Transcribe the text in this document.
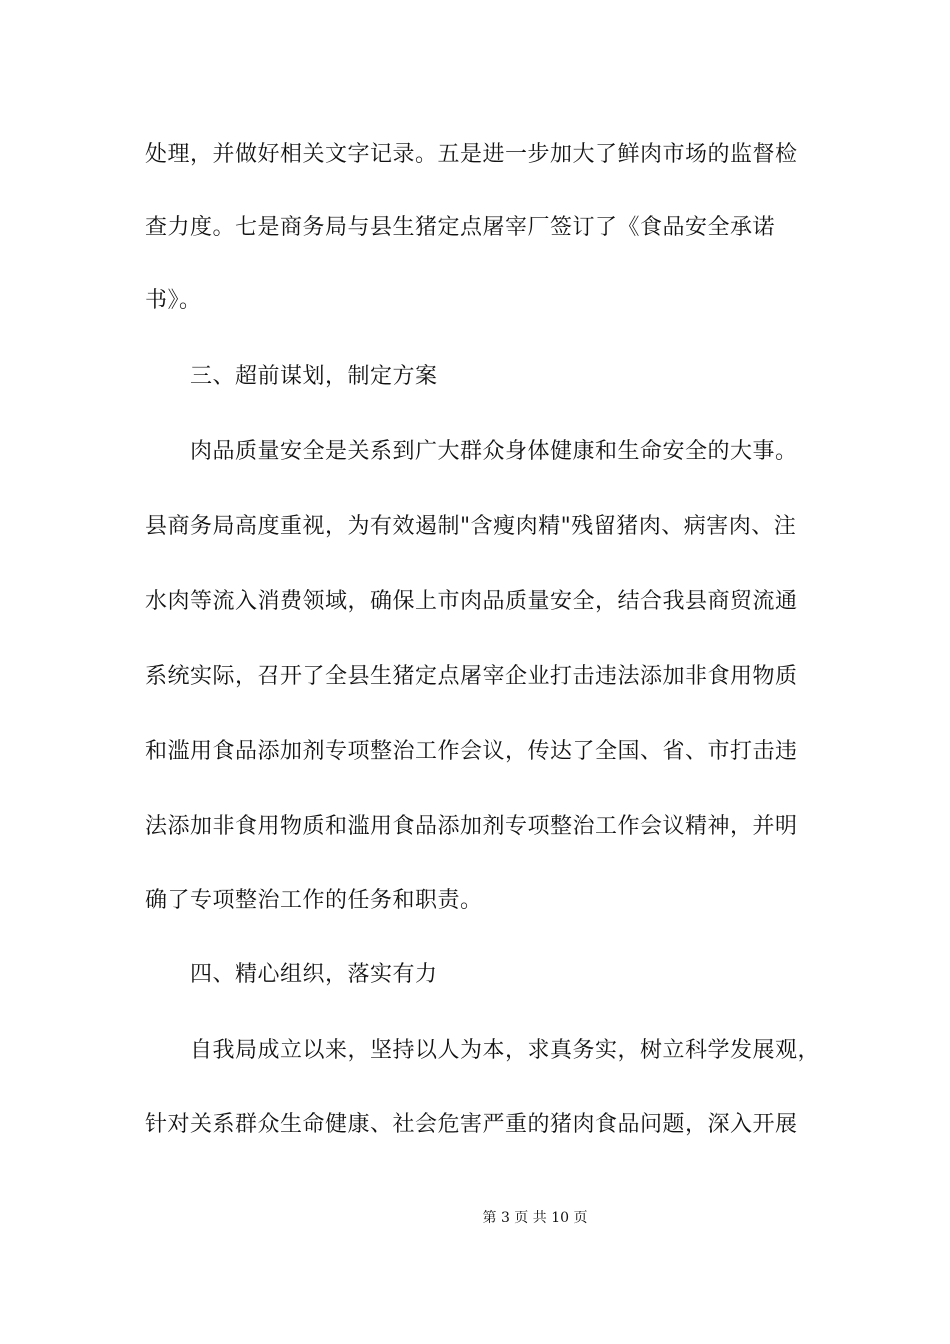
处理，并做好相关文字记录。五是进一步加大了鲜肉市场的监督检
查力度。七是商务局与县生猪定点屠宰厂签订了《食品安全承诺
书》。
三、超前谋划，制定方案
肉品质量安全是关系到广大群众身体健康和生命安全的大事。
县商务局高度重视，为有效遏制"含瘦肉精"残留猪肉、病害肉、注
水肉等流入消费领域，确保上市肉品质量安全，结合我县商贸流通
系统实际，召开了全县生猪定点屠宰企业打击违法添加非食用物质
和滥用食品添加剂专项整治工作会议，传达了全国、省、市打击违
法添加非食用物质和滥用食品添加剂专项整治工作会议精神，并明
确了专项整治工作的任务和职责。
四、精心组织，落实有力
自我局成立以来，坚持以人为本，求真务实，树立科学发展观，
针对关系群众生命健康、社会危害严重的猪肉食品问题，深入开展
第 3 页 共 10 页
